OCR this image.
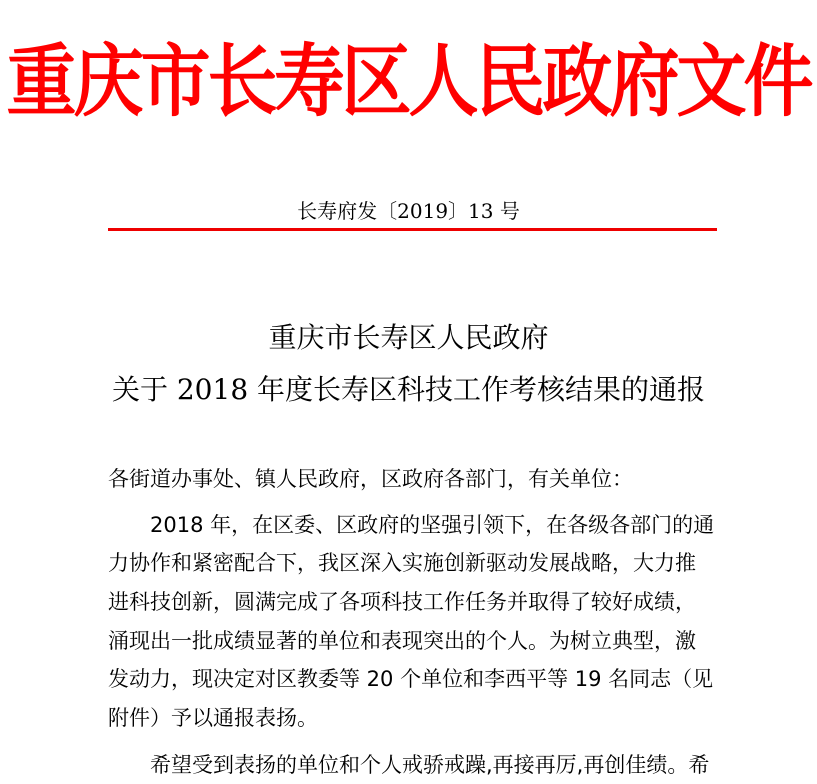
重庆市长寿区人民政府文件
长寿府发〔2019〕13 号
重庆市长寿区人民政府
关于 2018 年度长寿区科技工作考核结果的通报
各街道办事处、镇人民政府，区政府各部门，有关单位：
2018 年，在区委、区政府的坚强引领下，在各级各部门的通
力协作和紧密配合下，我区深入实施创新驱动发展战略，大力推
进科技创新，圆满完成了各项科技工作任务并取得了较好成绩，
涌现出一批成绩显著的单位和表现突出的个人。为树立典型，激
发动力，现决定对区教委等 20 个单位和李西平等 19 名同志（见
附件）予以通报表扬。
希望受到表扬的单位和个人戒骄戒躁,再接再厉,再创佳绩。希
